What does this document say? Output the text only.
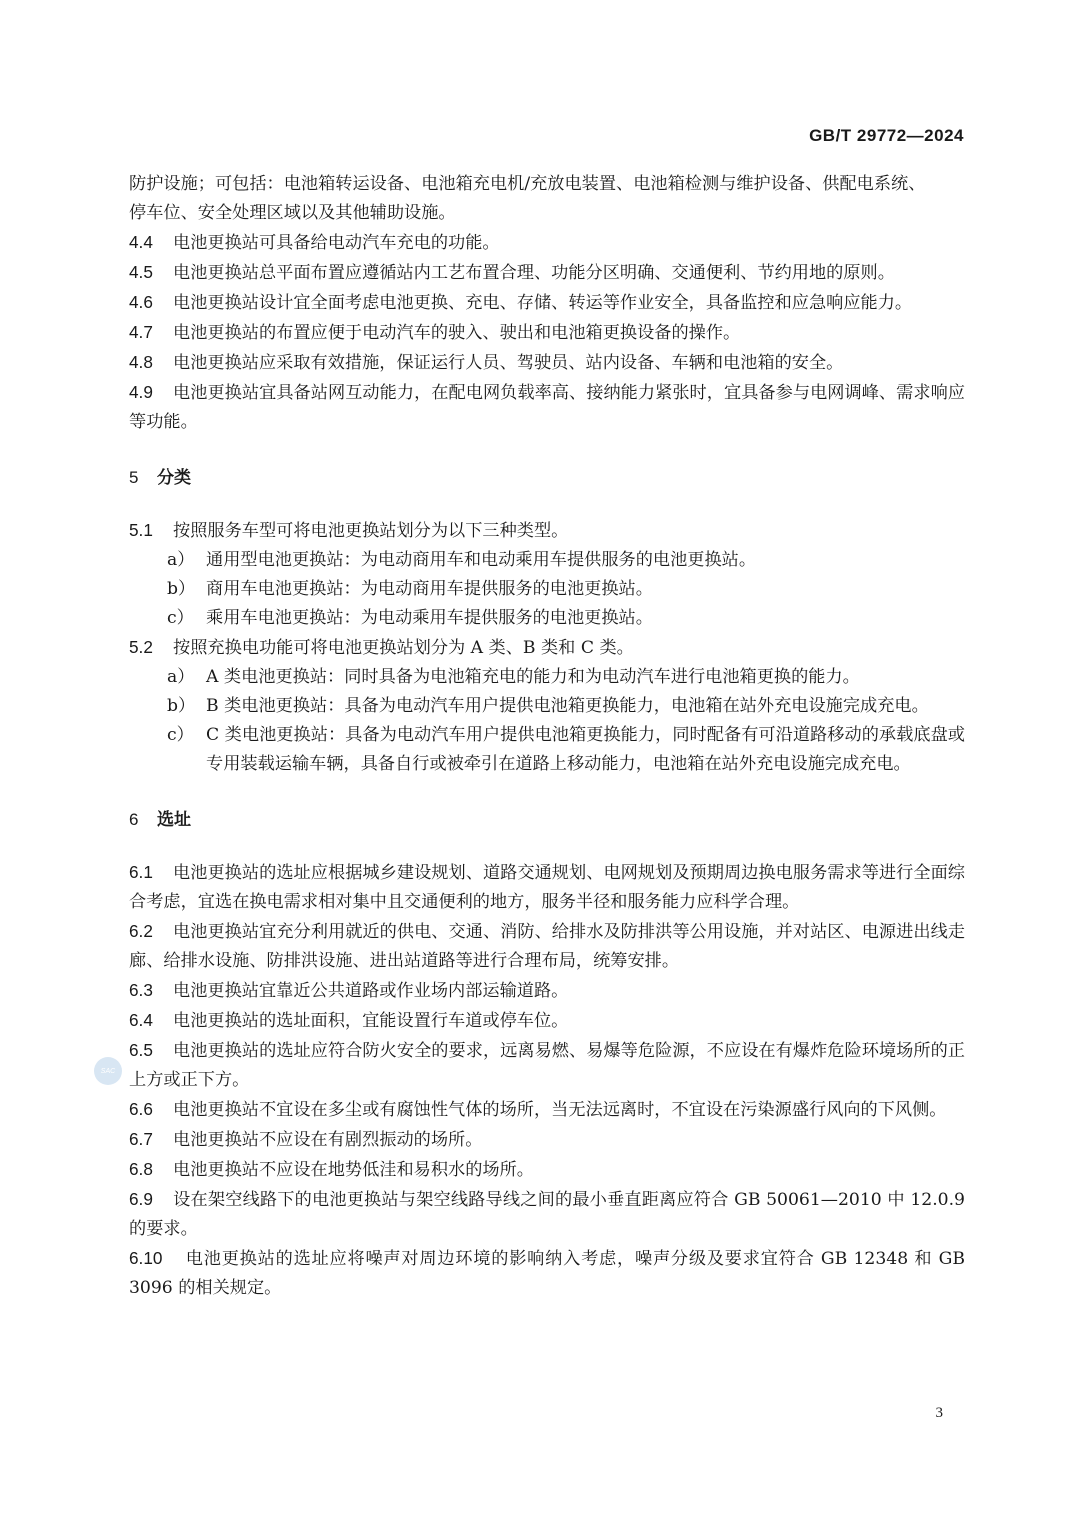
GB/T 29772—2024
防护设施；可包括：电池箱转运设备、电池箱充电机/充放电装置、电池箱检测与维护设备、供配电系统、
停车位、安全处理区域以及其他辅助设施。
4.4 电池更换站可具备给电动汽车充电的功能。
4.5 电池更换站总平面布置应遵循站内工艺布置合理、功能分区明确、交通便利、节约用地的原则。
4.6 电池更换站设计宜全面考虑电池更换、充电、存储、转运等作业安全，具备监控和应急响应能力。
4.7 电池更换站的布置应便于电动汽车的驶入、驶出和电池箱更换设备的操作。
4.8 电池更换站应采取有效措施，保证运行人员、驾驶员、站内设备、车辆和电池箱的安全。
4.9 电池更换站宜具备站网互动能力，在配电网负载率高、接纳能力紧张时，宜具备参与电网调峰、需求响应等功能。
5 分类
5.1 按照服务车型可将电池更换站划分为以下三种类型。
a） 通用型电池更换站：为电动商用车和电动乘用车提供服务的电池更换站。
b） 商用车电池更换站：为电动商用车提供服务的电池更换站。
c） 乘用车电池更换站：为电动乘用车提供服务的电池更换站。
5.2 按照充换电功能可将电池更换站划分为 A 类、B 类和 C 类。
a） A 类电池更换站：同时具备为电池箱充电的能力和为电动汽车进行电池箱更换的能力。
b） B 类电池更换站：具备为电动汽车用户提供电池箱更换能力，电池箱在站外充电设施完成充电。
c） C 类电池更换站：具备为电动汽车用户提供电池箱更换能力，同时配备有可沿道路移动的承载底盘或专用装载运输车辆，具备自行或被牵引在道路上移动能力，电池箱在站外充电设施完成充电。
6 选址
6.1 电池更换站的选址应根据城乡建设规划、道路交通规划、电网规划及预期周边换电服务需求等进行全面综合考虑，宜选在换电需求相对集中且交通便利的地方，服务半径和服务能力应科学合理。
6.2 电池更换站宜充分利用就近的供电、交通、消防、给排水及防排洪等公用设施，并对站区、电源进出线走廊、给排水设施、防排洪设施、进出站道路等进行合理布局，统筹安排。
6.3 电池更换站宜靠近公共道路或作业场内部运输道路。
6.4 电池更换站的选址面积，宜能设置行车道或停车位。
6.5 电池更换站的选址应符合防火安全的要求，远离易燃、易爆等危险源，不应设在有爆炸危险环境场所的正上方或正下方。
6.6 电池更换站不宜设在多尘或有腐蚀性气体的场所，当无法远离时，不宜设在污染源盛行风向的下风侧。
6.7 电池更换站不应设在有剧烈振动的场所。
6.8 电池更换站不应设在地势低洼和易积水的场所。
6.9 设在架空线路下的电池更换站与架空线路导线之间的最小垂直距离应符合 GB 50061—2010 中 12.0.9 的要求。
6.10 电池更换站的选址应将噪声对周边环境的影响纳入考虑，噪声分级及要求宜符合 GB 12348 和 GB 3096 的相关规定。
SAC
3
